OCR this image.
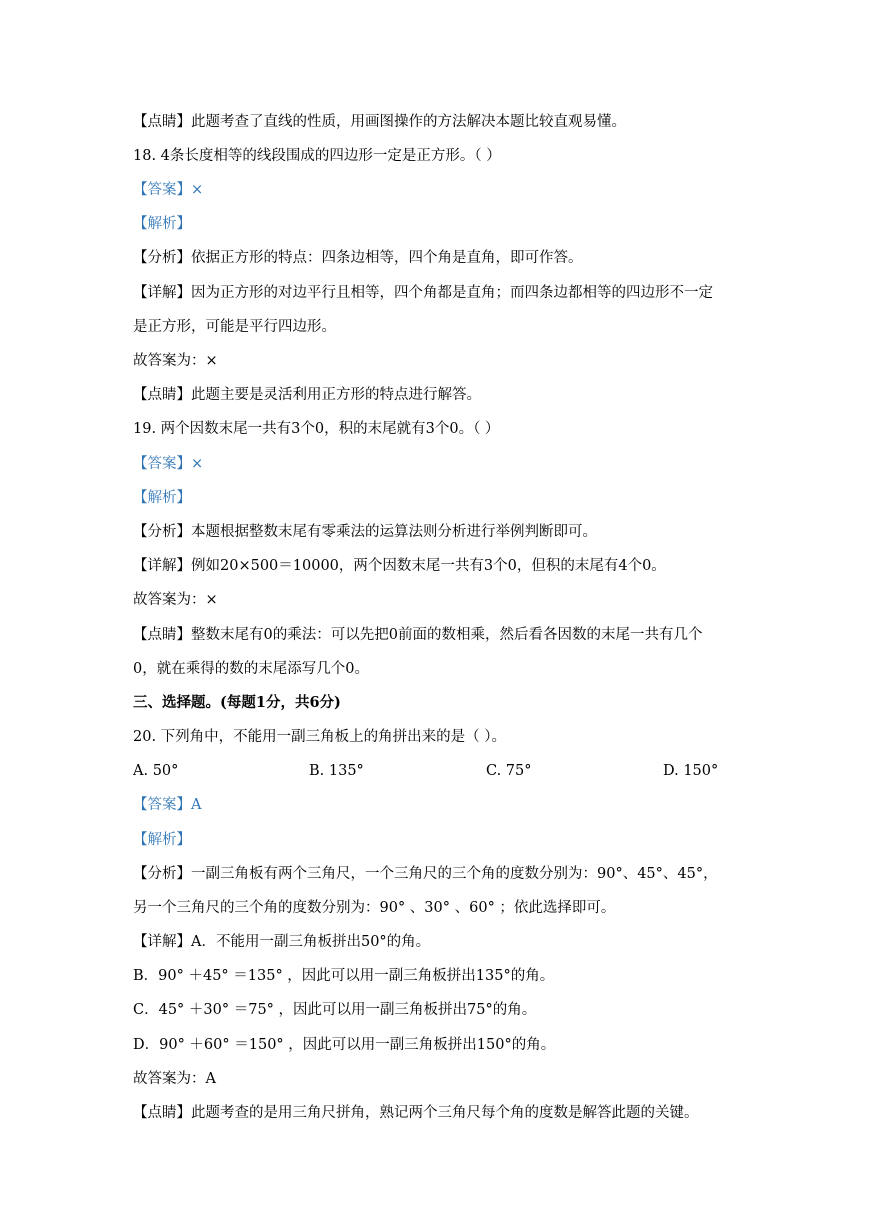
【点睛】此题考查了直线的性质，用画图操作的方法解决本题比较直观易懂。
18. 4条长度相等的线段围成的四边形一定是正方形。（ ）
【答案】×
【解析】
【分析】依据正方形的特点：四条边相等，四个角是直角，即可作答。
【详解】因为正方形的对边平行且相等，四个角都是直角；而四条边都相等的四边形不一定
是正方形，可能是平行四边形。
故答案为：×
【点睛】此题主要是灵活利用正方形的特点进行解答。
19. 两个因数末尾一共有3个0，积的末尾就有3个0。（ ）
【答案】×
【解析】
【分析】本题根据整数末尾有零乘法的运算法则分析进行举例判断即可。
【详解】例如20×500＝10000，两个因数末尾一共有3个0，但积的末尾有4个0。
故答案为：×
【点睛】整数末尾有0的乘法：可以先把0前面的数相乘，然后看各因数的末尾一共有几个
0，就在乘得的数的末尾添写几个0。
三、选择题。(每题1分，共6分)
20. 下列角中，不能用一副三角板上的角拼出来的是（ ）。
A. 50°	B. 135°	C. 75°	D. 150°
【答案】A
【解析】
【分析】一副三角板有两个三角尺，一个三角尺的三个角的度数分别为：90°、45°、45°，
另一个三角尺的三个角的度数分别为：90° 、30° 、60° ；依此选择即可。
【详解】A．不能用一副三角板拼出50°的角。
B．90° ＋45° ＝135° ，因此可以用一副三角板拼出135°的角。
C．45° ＋30° ＝75° ，因此可以用一副三角板拼出75°的角。
D．90° ＋60° ＝150° ，因此可以用一副三角板拼出150°的角。
故答案为：A
【点睛】此题考查的是用三角尺拼角，熟记两个三角尺每个角的度数是解答此题的关键。
